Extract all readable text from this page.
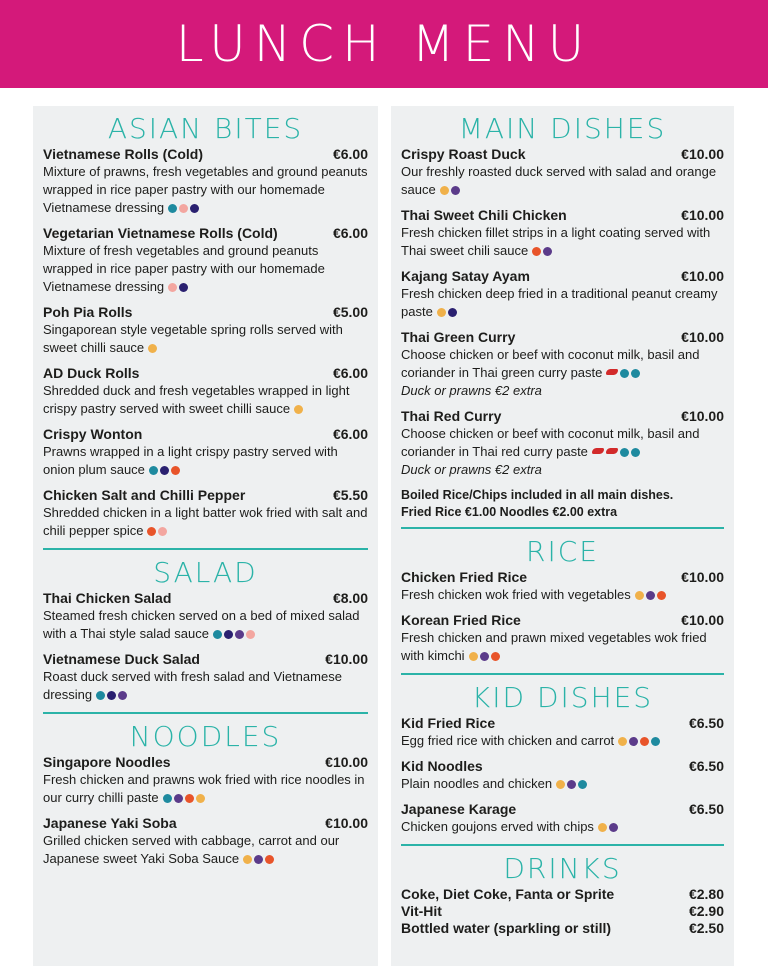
LUNCH MENU
ASIAN BITES
Vietnamese Rolls (Cold)	€6.00
Mixture of prawns, fresh vegetables and ground peanuts wrapped in rice paper pastry with our homemade Vietnamese dressing
Vegetarian Vietnamese Rolls (Cold)	€6.00
Mixture of fresh vegetables and ground peanuts wrapped in rice paper pastry with our homemade Vietnamese dressing
Poh Pia Rolls	€5.00
Singaporean style vegetable spring rolls served with sweet chilli sauce
AD Duck Rolls	€6.00
Shredded duck and fresh vegetables wrapped in light crispy pastry served with sweet chilli sauce
Crispy Wonton	€6.00
Prawns wrapped in a light crispy pastry served with onion plum sauce
Chicken Salt and Chilli Pepper	€5.50
Shredded chicken in a light batter wok fried with salt and chili pepper spice
SALAD
Thai Chicken Salad	€8.00
Steamed fresh chicken served on a bed of mixed salad with a Thai style salad sauce
Vietnamese Duck Salad	€10.00
Roast duck served with fresh salad and Vietnamese dressing
NOODLES
Singapore Noodles	€10.00
Fresh chicken and prawns wok fried with rice noodles in our curry chilli paste
Japanese Yaki Soba	€10.00
Grilled chicken served with cabbage, carrot and our Japanese sweet Yaki Soba Sauce
MAIN DISHES
Crispy Roast Duck	€10.00
Our freshly roasted duck served with salad and orange sauce
Thai Sweet Chili Chicken	€10.00
Fresh chicken fillet strips in a light coating served with Thai sweet chili sauce
Kajang Satay Ayam	€10.00
Fresh chicken deep fried in a traditional peanut creamy paste
Thai Green Curry	€10.00
Choose chicken or beef with coconut milk, basil and coriander in Thai green curry paste
Duck or prawns €2 extra
Thai Red Curry	€10.00
Choose chicken or beef with coconut milk, basil and coriander in Thai red curry paste
Duck or prawns €2 extra
Boiled Rice/Chips included in all main dishes.
Fried Rice €1.00 Noodles €2.00 extra
RICE
Chicken Fried Rice	€10.00
Fresh chicken wok fried with vegetables
Korean Fried Rice	€10.00
Fresh chicken and prawn mixed vegetables wok fried with kimchi
KID DISHES
Kid Fried Rice	€6.50
Egg fried rice with chicken and carrot
Kid Noodles	€6.50
Plain noodles and chicken
Japanese Karage	€6.50
Chicken goujons erved with chips
DRINKS
Coke, Diet Coke, Fanta or Sprite	€2.80
Vit-Hit	€2.90
Bottled water (sparkling or still)	€2.50
